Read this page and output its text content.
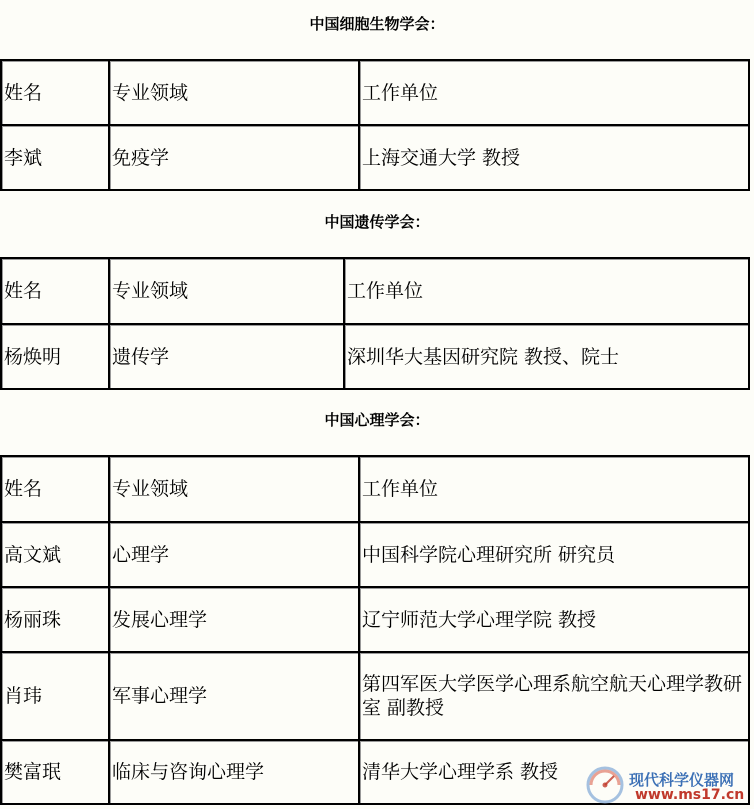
中国细胞生物学会：
姓名	专业领域	工作单位
李斌	免疫学	上海交通大学 教授
中国遗传学会：
姓名	专业领域	工作单位
杨焕明	遗传学	深圳华大基因研究院 教授、院士
中国心理学会：
姓名	专业领域	工作单位
高文斌	心理学	中国科学院心理研究所 研究员
杨丽珠	发展心理学	辽宁师范大学心理学院 教授
肖玮	军事心理学	第四军医大学医学心理系航空航天心理学教研室 副教授
樊富珉	临床与咨询心理学	清华大学心理学系 教授	现代科学仪器网
www.ms17.cn
